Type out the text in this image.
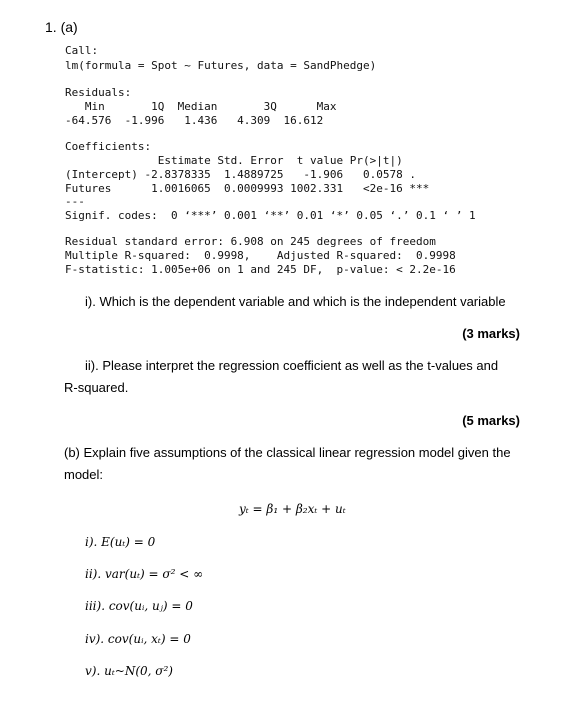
1. (a)
Call:
lm(formula = Spot ~ Futures, data = SandPhedge)
Residuals:
Min       1Q  Median       3Q      Max
-64.576  -1.996   1.436   4.309  16.612
Coefficients:
Estimate Std. Error  t value Pr(>|t|)
(Intercept) -2.8378335  1.4889725   -1.906   0.0578 .
Futures      1.0016065  0.0009993 1002.331   <2e-16 ***
---
Signif. codes:  0 ‘***’ 0.001 ‘**’ 0.01 ‘*’ 0.05 ‘.’ 0.1 ‘ ’ 1
Residual standard error: 6.908 on 245 degrees of freedom
Multiple R-squared:  0.9998,    Adjusted R-squared:  0.9998
F-statistic: 1.005e+06 on 1 and 245 DF,  p-value: < 2.2e-16
i). Which is the dependent variable and which is the independent variable
(3 marks)
ii). Please interpret the regression coefficient as well as the t-values and
R-squared.
(5 marks)
(b) Explain five assumptions of the classical linear regression model given the
model:
yₜ = β₁ + β₂xₜ + uₜ
i). E(uₜ) = 0
ii). var(uₜ) = σ² < ∞
iii). cov(uᵢ, uⱼ) = 0
iv). cov(uᵢ, xₜ) = 0
v). uₜ~N(0, σ²)
